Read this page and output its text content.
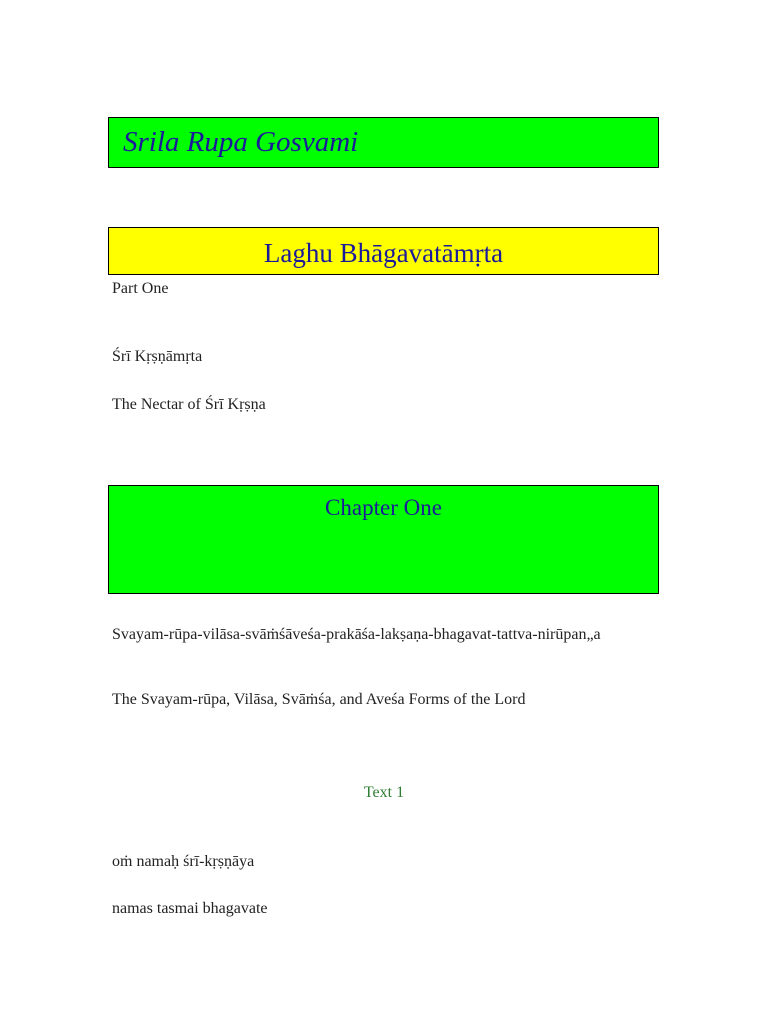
Srila Rupa Gosvami
Laghu Bhāgavatāmṛta
Part One
Śrī Kṛṣṇāmṛta
The Nectar of Śrī Kṛṣṇa
Chapter One
Svayam-rūpa-vilāsa-svāṁśāveśa-prakāśa-lakṣaṇa-bhagavat-tattva-nirūpan„a
The Svayam-rūpa, Vilāsa, Svāṁśa, and Aveśa Forms of the Lord
Text 1
oṁ namaḥ śrī-kṛṣṇāya
namas tasmai bhagavate
